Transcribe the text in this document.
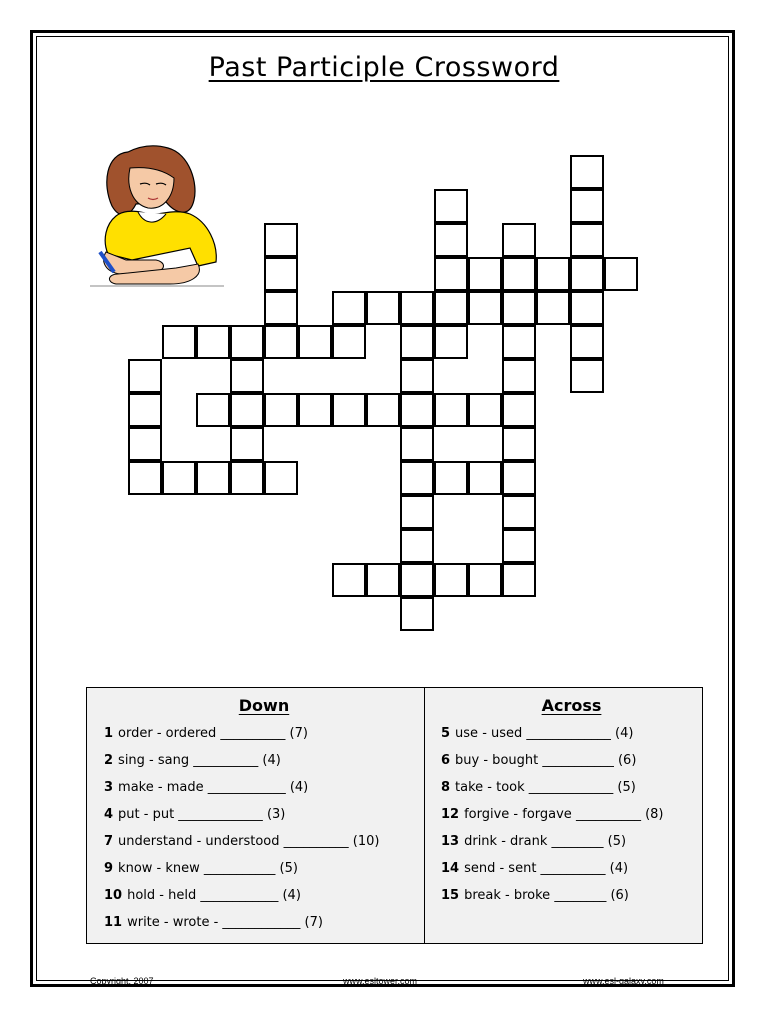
Past Participle Crossword
Down
1 order - ordered __________ (7)
2 sing - sang __________ (4)
3 make - made ____________ (4)
4 put - put _____________ (3)
7 understand - understood __________ (10)
9 know - knew ___________ (5)
10 hold - held ____________ (4)
11 write - wrote - ____________ (7)
Across
5 use - used _____________ (4)
6 buy - bought ___________ (6)
8 take - took _____________ (5)
12 forgive - forgave __________ (8)
13 drink - drank ________ (5)
14 send - sent __________ (4)
15 break - broke ________ (6)
Copyright, 2007	www.esltower.com	www.esl-galaxy.com
